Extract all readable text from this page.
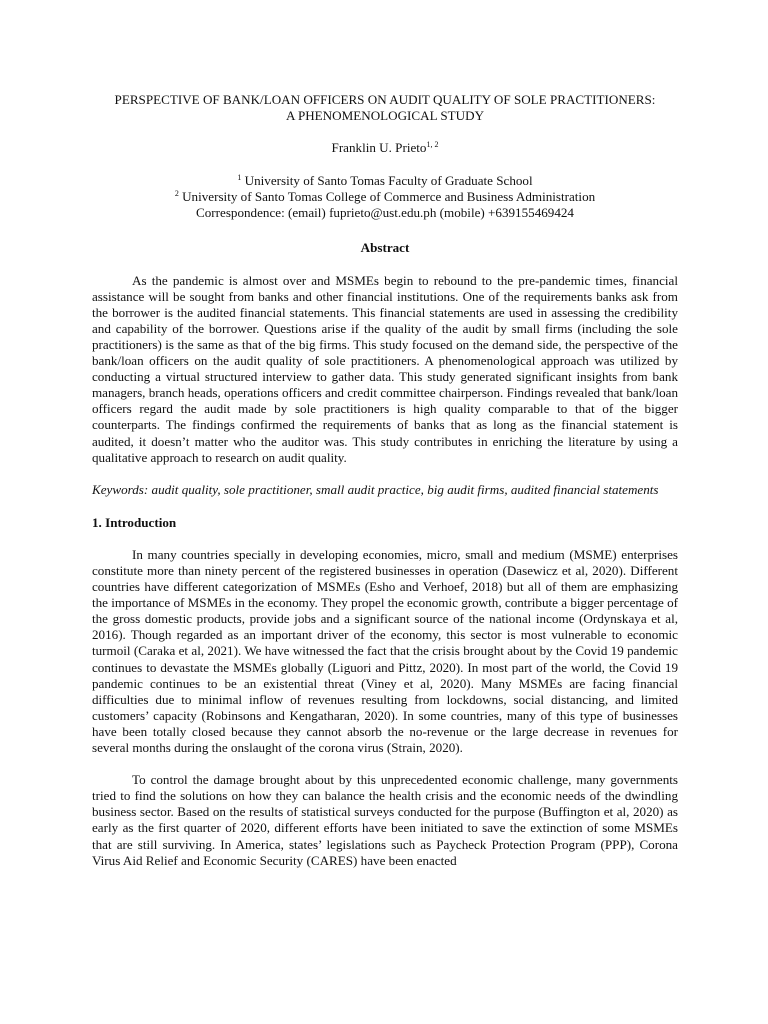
PERSPECTIVE OF BANK/LOAN OFFICERS ON AUDIT QUALITY OF SOLE PRACTITIONERS:
A PHENOMENOLOGICAL STUDY
Franklin U. Prieto$^{1, 2}$
$^1$ University of Santo Tomas Faculty of Graduate School
$^2$ University of Santo Tomas College of Commerce and Business Administration
Correspondence: (email) fuprieto@ust.edu.ph (mobile) +639155469424
Abstract

As the pandemic is almost over and MSMEs begin to rebound to the pre-pandemic times, financial assistance will be sought from banks and other financial institutions. One of the requirements banks ask from the borrower is the audited financial statements. This financial statements are used in assessing the credibility and capability of the borrower. Questions arise if the quality of the audit by small firms (including the sole practitioners) is the same as that of the big firms. This study focused on the demand side, the perspective of the bank/loan officers on the audit quality of sole practitioners. A phenomenological approach was utilized by conducting a virtual structured interview to gather data. This study generated significant insights from bank managers, branch heads, operations officers and credit committee chairperson. Findings revealed that bank/loan officers regard the audit made by sole practitioners is high quality comparable to that of the bigger counterparts. The findings confirmed the requirements of banks that as long as the financial statement is audited, it doesn’t matter who the auditor was. This study contributes in enriching the literature by using a qualitative approach to research on audit quality.

Keywords: audit quality, sole practitioner, small audit practice, big audit firms, audited financial statements

1. Introduction

In many countries specially in developing economies, micro, small and medium (MSME) enterprises constitute more than ninety percent of the registered businesses in operation (Dasewicz et al, 2020). Different countries have different categorization of MSMEs (Esho and Verhoef, 2018) but all of them are emphasizing the importance of MSMEs in the economy. They propel the economic growth, contribute a bigger percentage of the gross domestic products, provide jobs and a significant source of the national income (Ordynskaya et al, 2016). Though regarded as an important driver of the economy, this sector is most vulnerable to economic turmoil (Caraka et al, 2021). We have witnessed the fact that the crisis brought about by the Covid 19 pandemic continues to devastate the MSMEs globally (Liguori and Pittz, 2020). In most part of the world, the Covid 19 pandemic continues to be an existential threat (Viney et al, 2020). Many MSMEs are facing financial difficulties due to minimal inflow of revenues resulting from lockdowns, social distancing, and limited customers’ capacity (Robinsons and Kengatharan, 2020). In some countries, many of this type of businesses have been totally closed because they cannot absorb the no-revenue or the large decrease in revenues for several months during the onslaught of the corona virus (Strain, 2020).

To control the damage brought about by this unprecedented economic challenge, many governments tried to find the solutions on how they can balance the health crisis and the economic needs of the dwindling business sector. Based on the results of statistical surveys conducted for the purpose (Buffington et al, 2020) as early as the first quarter of 2020, different efforts have been initiated to save the extinction of some MSMEs that are still surviving. In America, states’ legislations such as Paycheck Protection Program (PPP), Corona Virus Aid Relief and Economic Security (CARES) have been enacted
